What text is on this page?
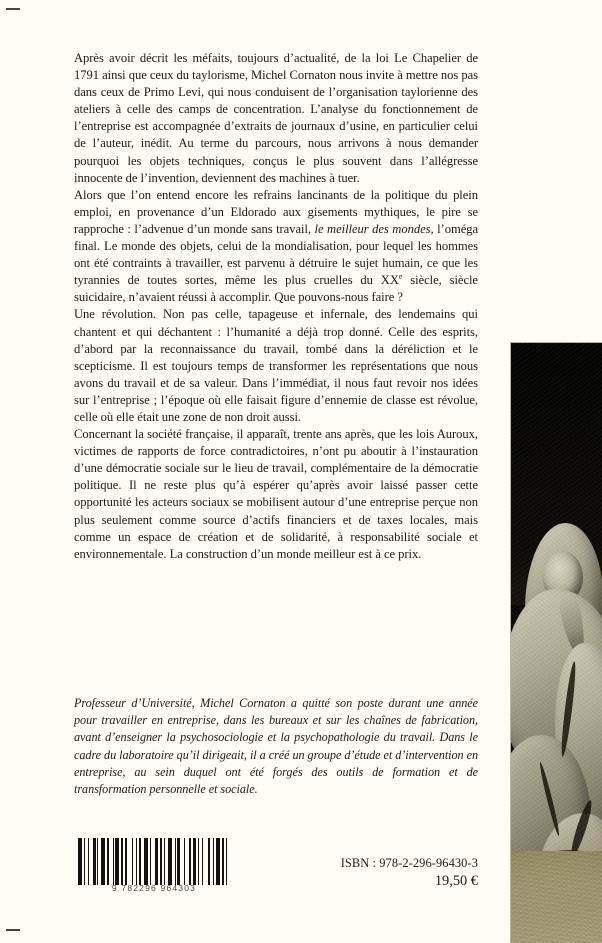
Après avoir décrit les méfaits, toujours d’actualité, de la loi Le Chapelier de 1791 ainsi que ceux du taylorisme, Michel Cornaton nous invite à mettre nos pas dans ceux de Primo Levi, qui nous conduisent de l’organisation taylorienne des ateliers à celle des camps de concentration. L’analyse du fonctionnement de l’entreprise est accompagnée d’extraits de journaux d’usine, en particulier celui de l’auteur, inédit. Au terme du parcours, nous arrivons à nous demander pourquoi les objets techniques, conçus le plus souvent dans l’allégresse innocente de l’invention, deviennent des machines à tuer.

Alors que l’on entend encore les refrains lancinants de la politique du plein emploi, en provenance d’un Eldorado aux gisements mythiques, le pire se rapproche : l’advenue d’un monde sans travail, le meilleur des mondes, l’oméga final. Le monde des objets, celui de la mondialisation, pour lequel les hommes ont été contraints à travailler, est parvenu à détruire le sujet humain, ce que les tyrannies de toutes sortes, même les plus cruelles du XXe siècle, siècle suicidaire, n’avaient réussi à accomplir. Que pouvons-nous faire ?

Une révolution. Non pas celle, tapageuse et infernale, des lendemains qui chantent et qui déchantent : l’humanité a déjà trop donné. Celle des esprits, d’abord par la reconnaissance du travail, tombé dans la déréliction et le scepticisme. Il est toujours temps de transformer les représentations que nous avons du travail et de sa valeur. Dans l’immédiat, il nous faut revoir nos idées sur l’entreprise ; l’époque où elle faisait figure d’ennemie de classe est révolue, celle où elle était une zone de non droit aussi.

Concernant la société française, il apparaît, trente ans après, que les lois Auroux, victimes de rapports de force contradictoires, n’ont pu aboutir à l’instauration d’une démocratie sociale sur le lieu de travail, complémentaire de la démocratie politique. Il ne reste plus qu’à espérer qu’après avoir laissé passer cette opportunité les acteurs sociaux se mobilisent autour d’une entreprise perçue non plus seulement comme source d’actifs financiers et de taxes locales, mais comme un espace de création et de solidarité, à responsabilité sociale et environnementale. La construction d’un monde meilleur est à ce prix.

Professeur d’Université, Michel Cornaton a quitté son poste durant une année pour travailler en entreprise, dans les bureaux et sur les chaînes de fabrication, avant d’enseigner la psychosociologie et la psychopathologie du travail. Dans le cadre du laboratoire qu’il dirigeait, il a créé un groupe d’étude et d’intervention en entreprise, au sein duquel ont été forgés des outils de formation et de transformation personnelle et sociale.

9 782296 964303
ISBN : 978-2-296-96430-3
19,50 €
